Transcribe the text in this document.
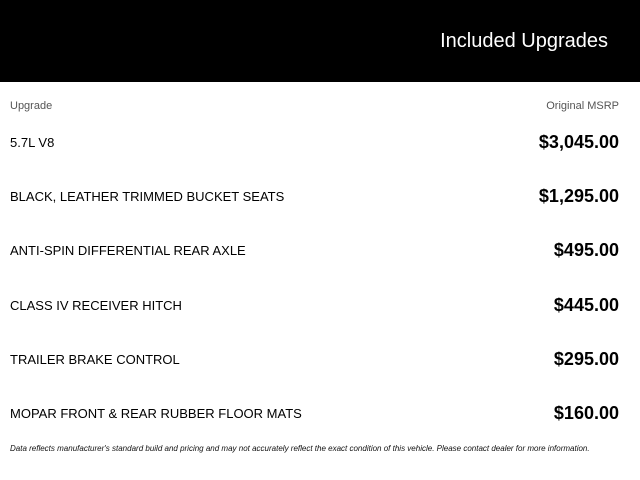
Included Upgrades
Upgrade	Original MSRP
5.7L V8	$3,045.00
BLACK, LEATHER TRIMMED BUCKET SEATS	$1,295.00
ANTI-SPIN DIFFERENTIAL REAR AXLE	$495.00
CLASS IV RECEIVER HITCH	$445.00
TRAILER BRAKE CONTROL	$295.00
MOPAR FRONT & REAR RUBBER FLOOR MATS	$160.00
Data reflects manufacturer's standard build and pricing and may not accurately reflect the exact condition of this vehicle. Please contact dealer for more information.
